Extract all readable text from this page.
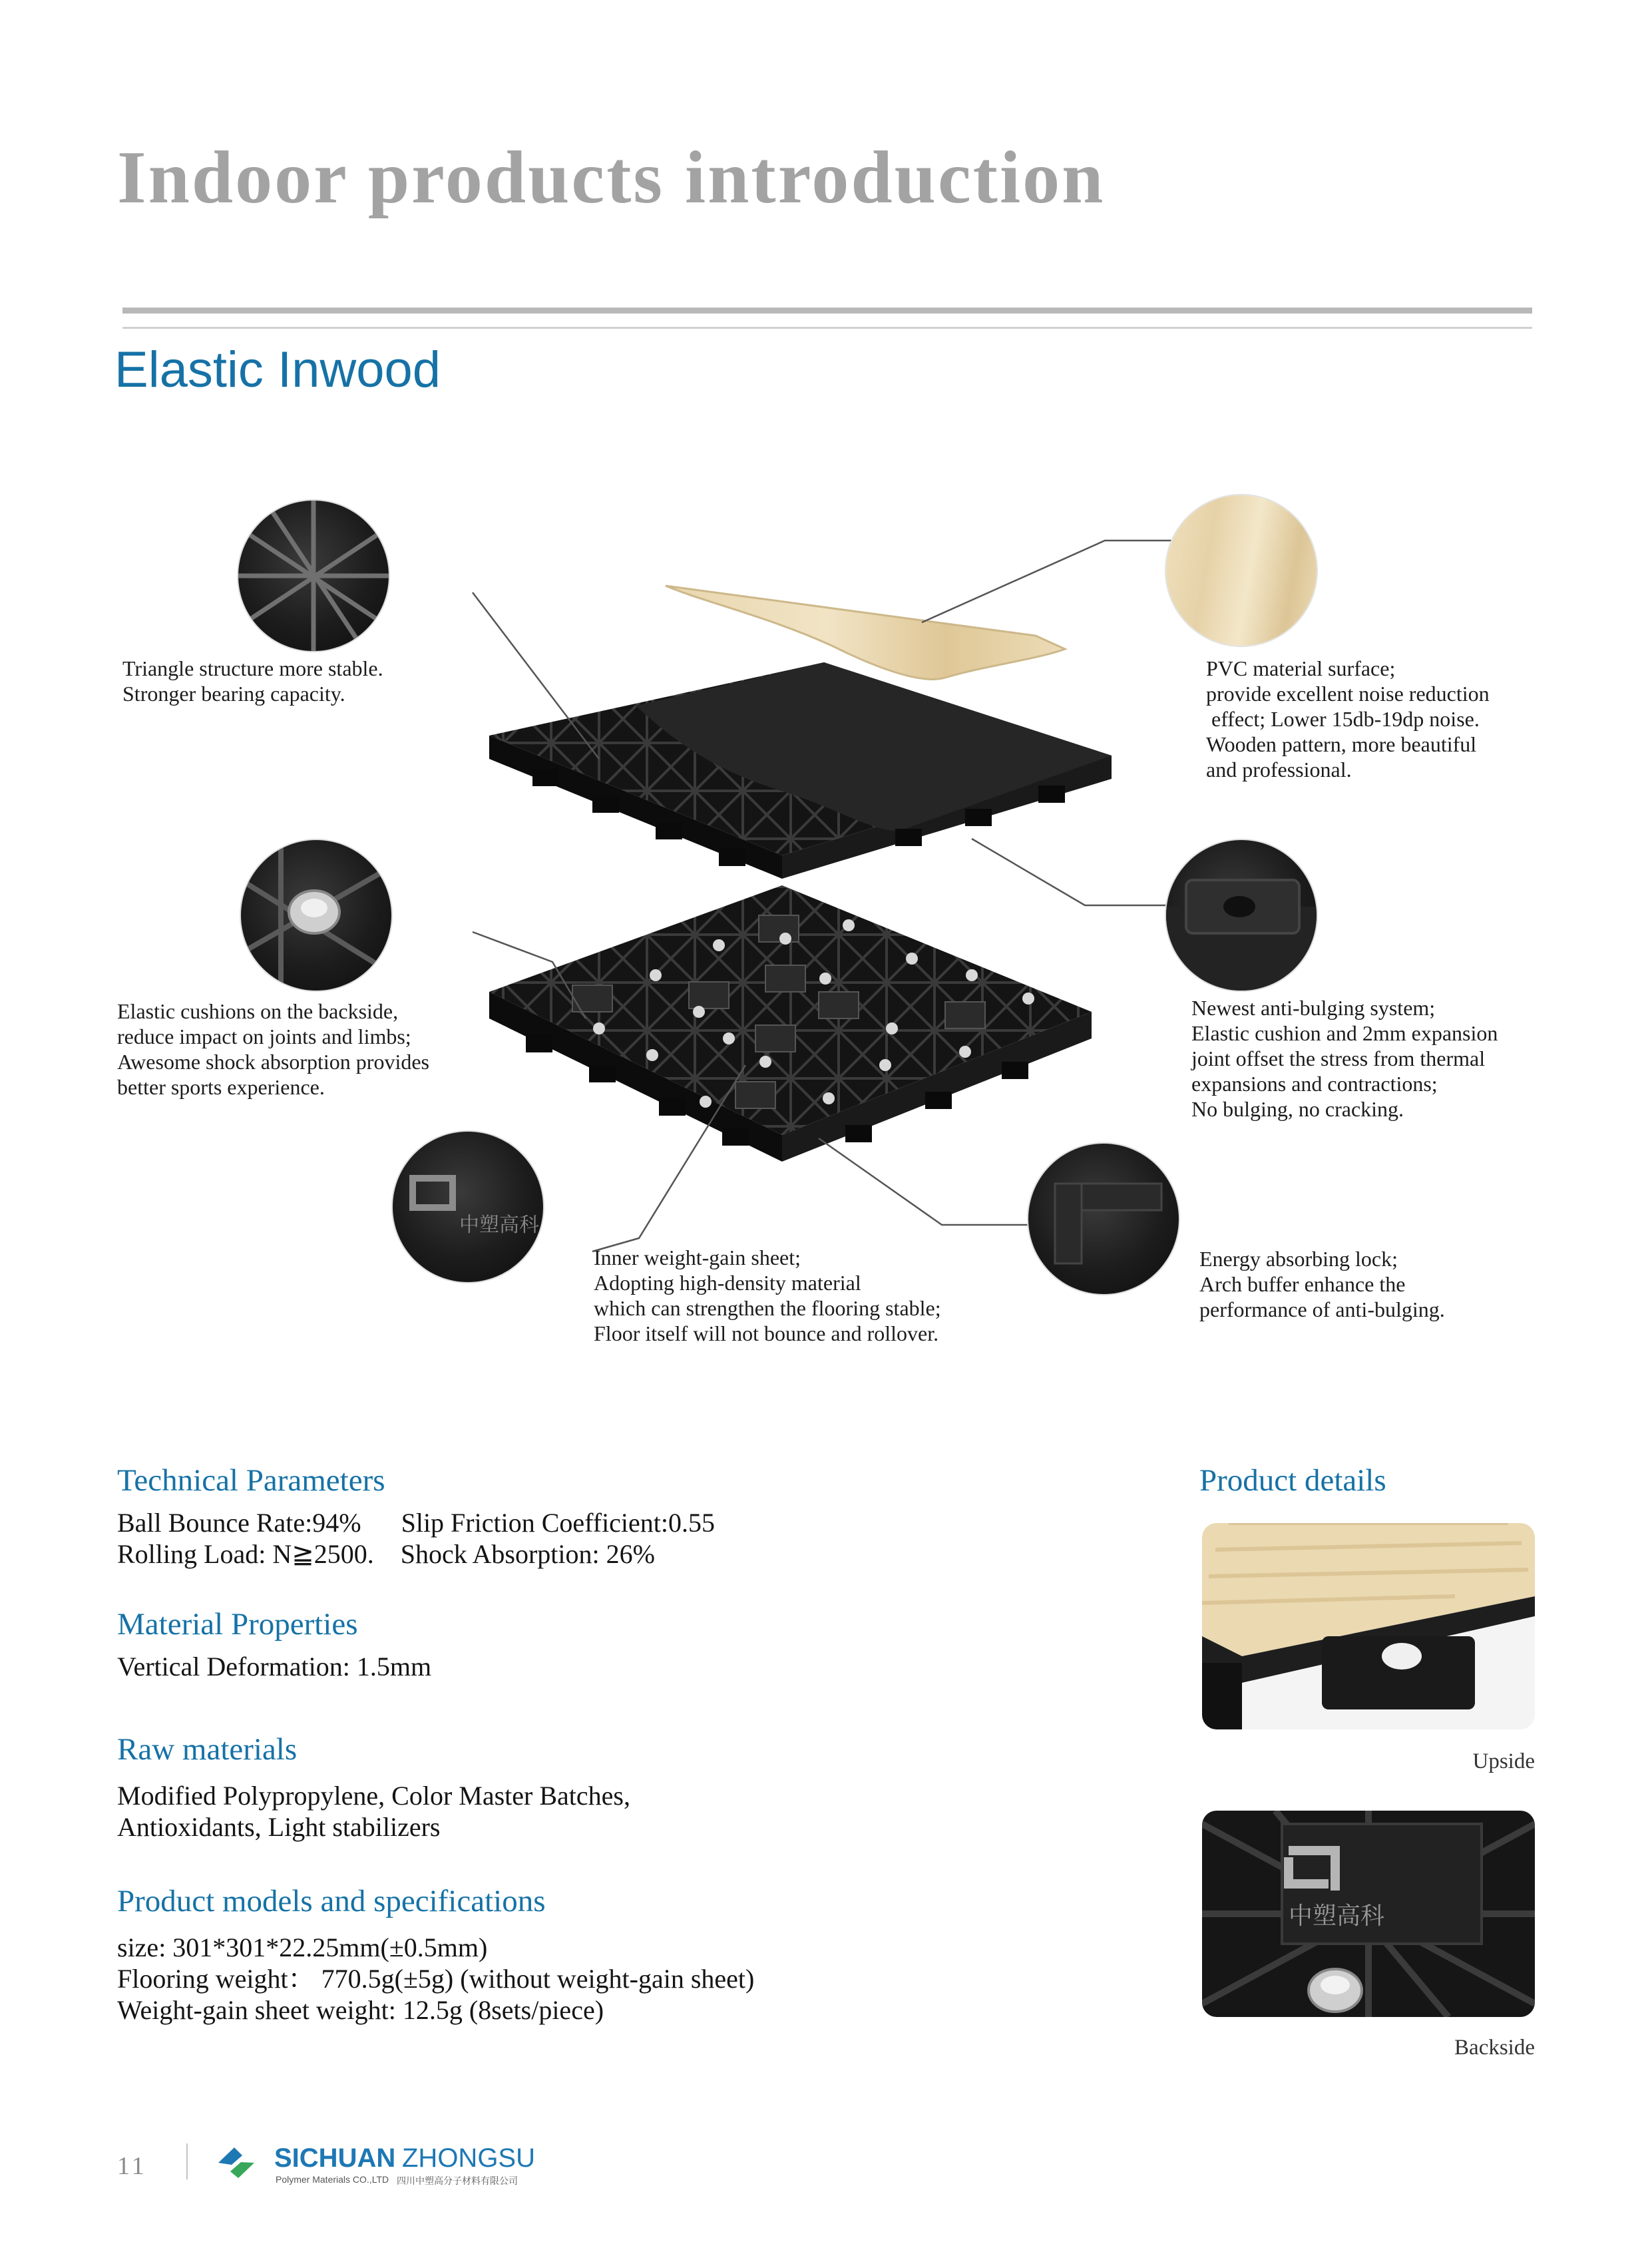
Indoor products introduction
Elastic Inwood
中塑高科
Triangle structure more stable.
Stronger bearing capacity.
PVC material surface;
provide excellent noise reduction
effect; Lower 15db-19dp noise.
Wooden pattern, more beautiful
and professional.
Elastic cushions on the backside,
reduce impact on joints and limbs;
Awesome shock absorption provides
better sports experience.
Newest anti-bulging system;
Elastic cushion and 2mm expansion
joint offset the stress from thermal
expansions and contractions;
No bulging, no cracking.
Inner weight-gain sheet;
Adopting high-density material
which can strengthen the flooring stable;
Floor itself will not bounce and rollover.
Energy absorbing lock;
Arch buffer enhance the
performance of anti-bulging.
Technical Parameters
Ball Bounce Rate:94%      Slip Friction Coefficient:0.55
Rolling Load: N≧2500.    Shock Absorption: 26%
Material Properties
Vertical Deformation: 1.5mm
Raw materials
Modified Polypropylene, Color Master Batches,
Antioxidants, Light stabilizers
Product models and specifications
size: 301*301*22.25mm(±0.5mm)
Flooring weight： 770.5g(±5g) (without weight-gain sheet)
Weight-gain sheet weight: 12.5g (8sets/piece)
Product details
Upside
中塑高科
Backside
11	SICHUAN ZHONGSU
Polymer Materials CO.,LTD 四川中塑高分子材料有限公司
